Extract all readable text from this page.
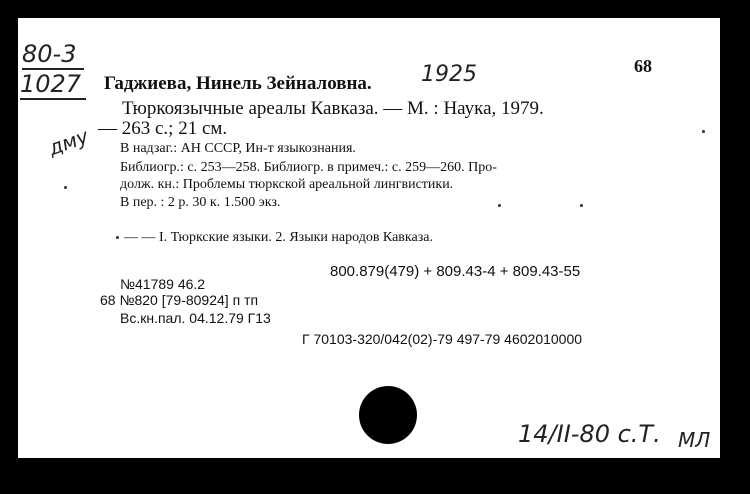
80-3
1027
68
Гаджиева, Нинель Зейналовна. 1925
Тюркоязычные ареалы Кавказа. — М. : Наука, 1979.
— 263 с.; 21 см.
дму В надзаг.: АН СССР, Ин-т языкознания.
Библиогр.: с. 253—258. Библиогр. в примеч.: с. 259—260. Про-
долж. кн.: Проблемы тюркской ареальной лингвистики.
В пер. : 2 р. 30 к. 1.500 экз.
— — I. Тюркские языки. 2. Языки народов Кавказа.
800.879(479) + 809.43-4 + 809.43-55
№41789 46.2
68 №820 [79-80924] п тп
Вс.кн.пал. 04.12.79 Г13
Г 70103-320/042(02)-79 497-79 4602010000
14/II-80 с.Т. МЛ
